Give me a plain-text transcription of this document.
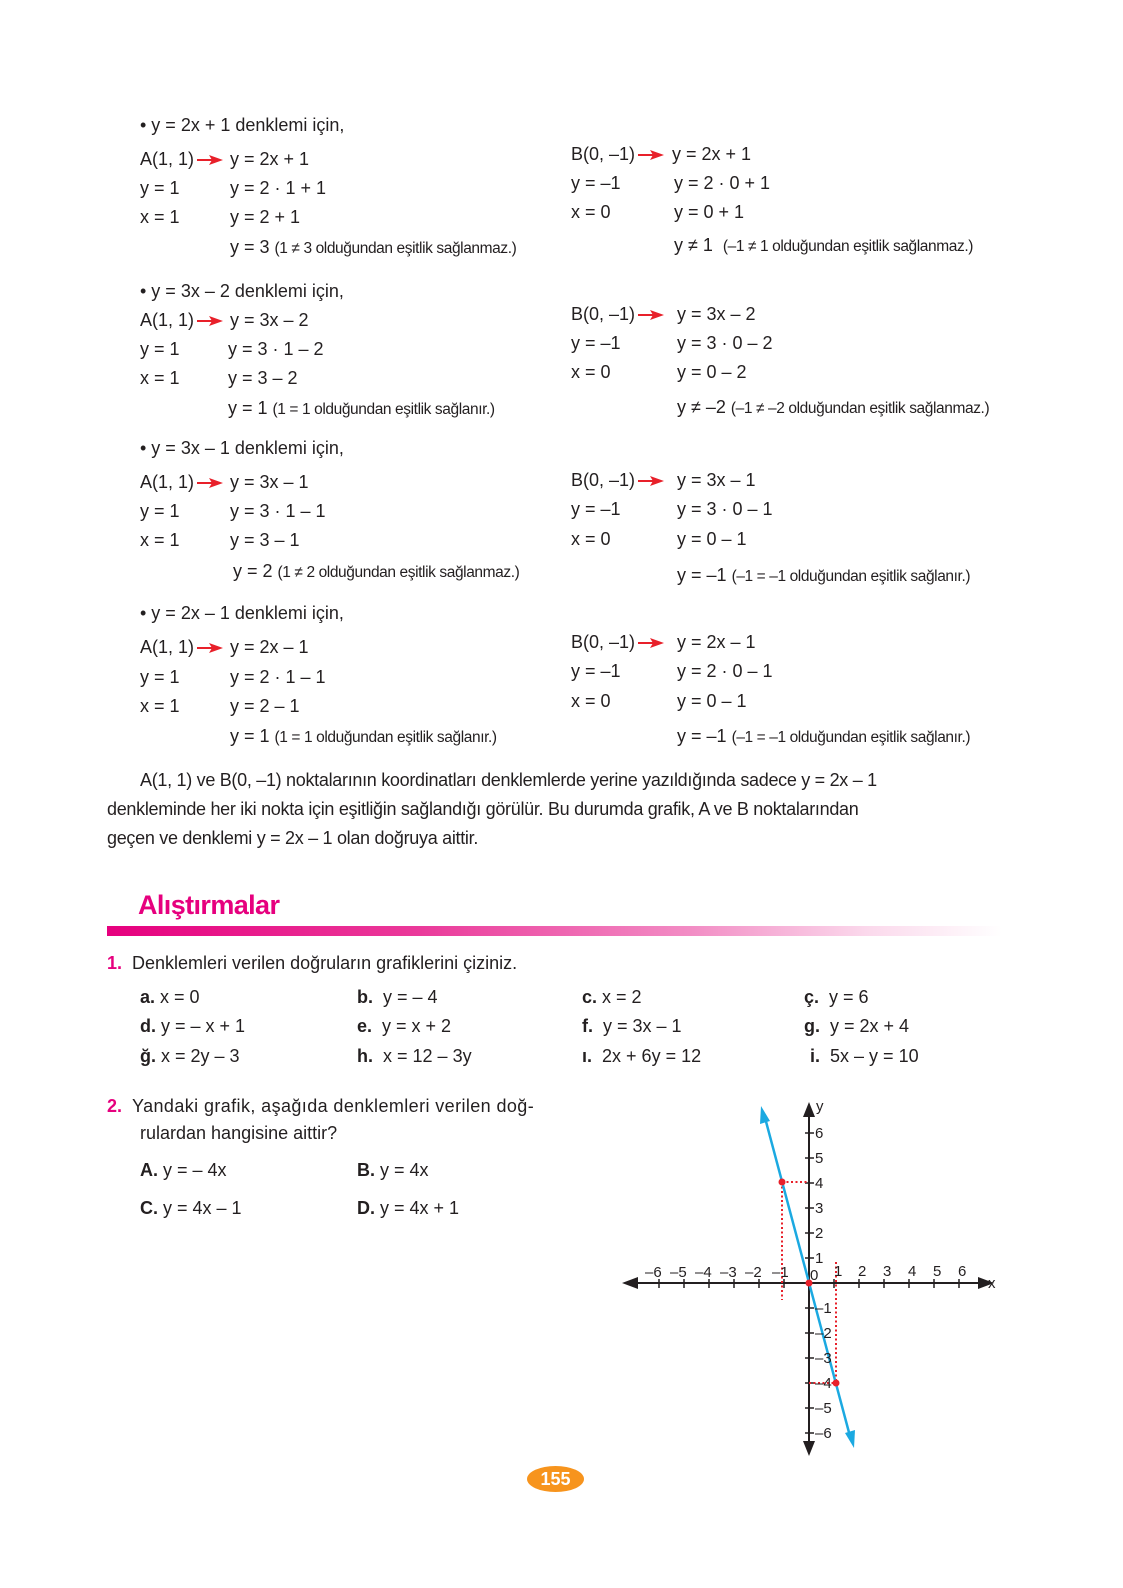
• y = 2x + 1 denklemi için,
A(1, 1)	y = 2x + 1
y = 1	y = 2 · 1 + 1
x = 1	y = 2 + 1
y = 3 (1 ≠ 3 olduğundan eşitlik sağlanmaz.)
B(0, –1)	y = 2x + 1
y = –1	y = 2 · 0 + 1
x = 0	y = 0 + 1
y ≠ 1 (–1 ≠ 1 olduğundan eşitlik sağlanmaz.)
• y = 3x – 2 denklemi için,
A(1, 1)	y = 3x – 2
y = 1	y = 3 · 1 – 2
x = 1	y = 3 – 2
y = 1 (1 = 1 olduğundan eşitlik sağlanır.)
B(0, –1)	y = 3x – 2
y = –1	y = 3 · 0 – 2
x = 0	y = 0 – 2
y ≠ –2 (–1 ≠ –2 olduğundan eşitlik sağlanmaz.)
• y = 3x – 1 denklemi için,
A(1, 1)	y = 3x – 1
y = 1	y = 3 · 1 – 1
x = 1	y = 3 – 1
y = 2 (1 ≠ 2 olduğundan eşitlik sağlanmaz.)
B(0, –1)	y = 3x – 1
y = –1	y = 3 · 0 – 1
x = 0	y = 0 – 1
y = –1 (–1 = –1 olduğundan eşitlik sağlanır.)
• y = 2x – 1 denklemi için,
A(1, 1)	y = 2x – 1
y = 1	y = 2 · 1 – 1
x = 1	y = 2 – 1
y = 1 (1 = 1 olduğundan eşitlik sağlanır.)
B(0, –1)	y = 2x – 1
y = –1	y = 2 · 0 – 1
x = 0	y = 0 – 1
y = –1 (–1 = –1 olduğundan eşitlik sağlanır.)

A(1, 1) ve B(0, –1) noktalarının koordinatları denklemlerde yerine yazıldığında sadece y = 2x – 1

denkleminde her iki nokta için eşitliğin sağlandığı görülür. Bu durumda grafik, A ve B noktalarından

geçen ve denklemi y = 2x – 1 olan doğruya aittir.

Alıştırmalar
1. Denklemleri verilen doğruların grafiklerini çiziniz.
a. x = 0	b. y = – 4	c. x = 2	ç. y = 6
d. y = – x + 1	e. y = x + 2	f. y = 3x – 1	g. y = 2x + 4
ğ. x = 2y – 3	h. x = 12 – 3y	ı. 2x + 6y = 12	i. 5x – y = 10
2. Yandaki grafik, aşağıda denklemleri verilen doğ-
rulardan hangisine aittir?
A. y = – 4x	B. y = 4x
C. y = 4x – 1	D. y = 4x + 1
y
x
0
–6 –5 –4 –3 –2 –1	1 2 3 4 5 6
1
2
3
4
5
6
–1
–2
–3
–4
–5
–6
155
